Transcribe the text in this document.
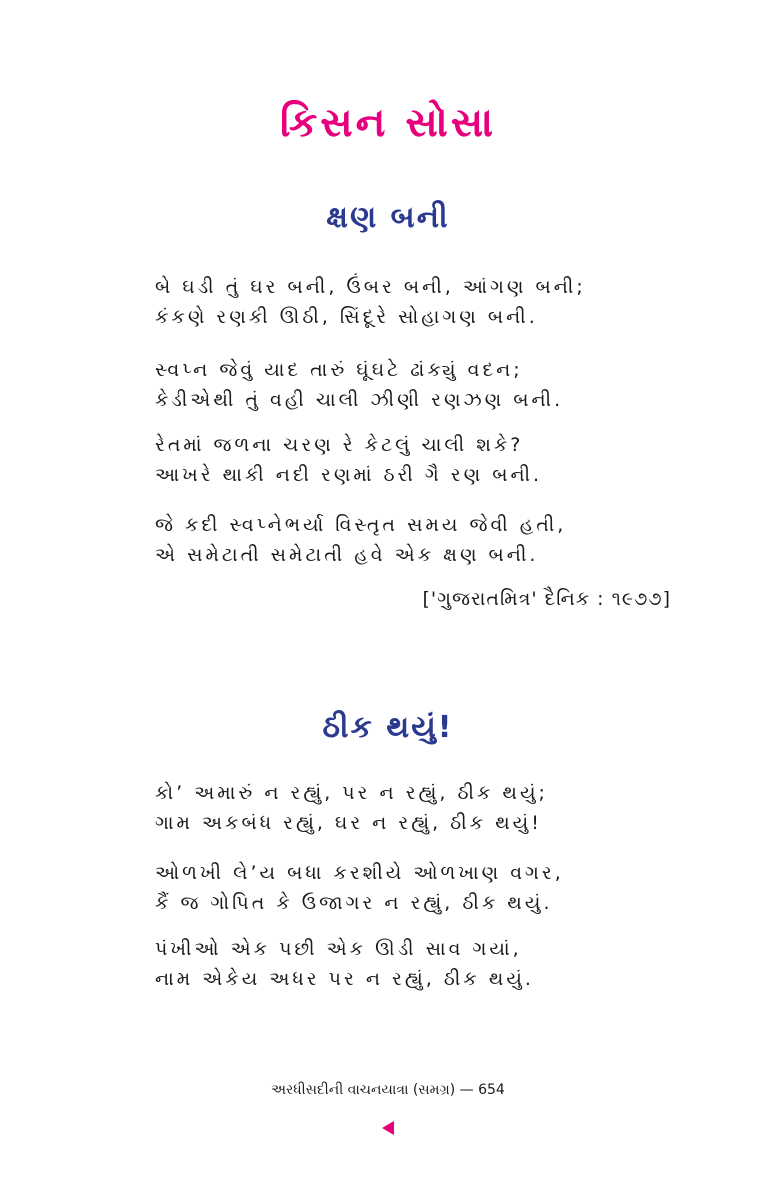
કિસન સોસા
ક્ષણ બની

બે ઘડી તું ઘર બની, ઉંબર બની, આંગણ બની;
કંકણે રણકી ઊઠી, સિંદૂરે સોહાગણ બની.

સ્વપ્ન જેવું યાદ તારું ઘૂંઘટે ઢાંક્યું વદન;
કેડીએથી તું વહી ચાલી ઝીણી રણઝણ બની.

રેતમાં જળના ચરણ રે કેટલું ચાલી શકે?
આખરે થાકી નદી રણમાં ઠરી ગૈ રણ બની.

જે કદી સ્વપ્નેભર્યા વિસ્તૃત સમય જેવી હતી,
એ સમેટાતી સમેટાતી હવે એક ક્ષણ બની.

['ગુજરાતમિત્ર' દૈનિક : ૧૯૭૭]

ઠીક થયું!

કો’ અમારું ન રહ્યું, પર ન રહ્યું, ઠીક થયું;
ગામ અકબંધ રહ્યું, ઘર ન રહ્યું, ઠીક થયું!

ઓળખી લે’ય બધા કરશીયે ઓળખાણ વગર,
કૈં જ ગોપિત કે ઉજાગર ન રહ્યું, ઠીક થયું.

પંખીઓ એક પછી એક ઊડી સાવ ગયાં,
નામ એકેય અધર પર ન રહ્યું, ઠીક થયું.

અરધીસદીની વાચનયાત્રા (સમગ્ર) — 654
